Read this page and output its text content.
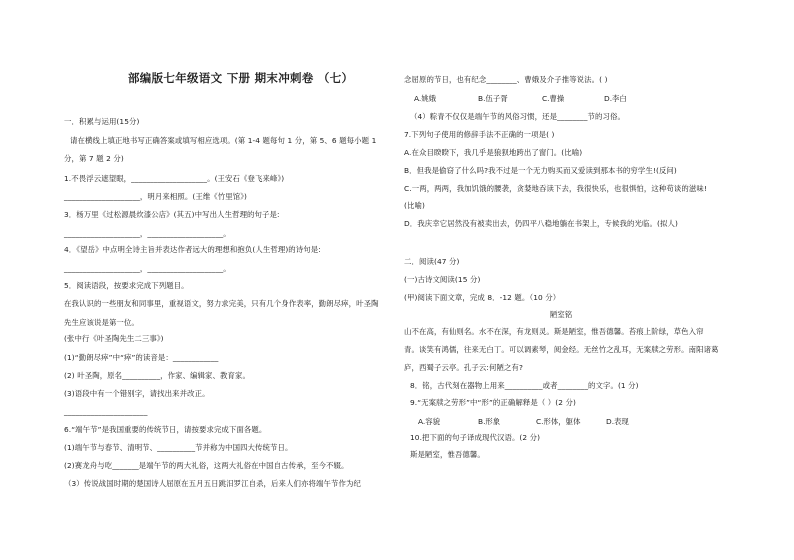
部编版七年级语文 下册 期末冲刺卷 （七）
一．积累与运用(15分)
请在横线上填正地书写正确答案或填写相应选项。(第 1-4 题每句 1 分，第 5、6 题每小题 1
分，第 7 题 2 分)
1.不畏浮云遮望眼，____________________。(王安石《登飞来峰》)
____________________，明月来相照。(王维《竹里馆》)
3．杨万里《过松源晨炊漆公店》(其五)中写出人生哲理的句子是:
____________________，____________________。
4．《望岳》中点明全诗主旨并表达作者远大的理想和抱负(人生哲理)的诗句是:
____________________，____________________。
5．阅读语段，按要求完成下列题目。
在我认识的一些朋友和同事里，重视语文，努力求完美，只有几个身作表率，勤朗尽瘁，叶圣陶
先生应该说是第一位。
(张中行《叶圣陶先生二三事》)
(1)“勤朗尽瘁”中“瘁”的读音是：____________
(2) 叶圣陶，原名__________，作家、编辑家、教育家。
(3)语段中有一个错别字，请找出来并改正。
______________________
6.“端午节”是我国重要的传统节日，请按要求完成下面各题。
(1)端午节与春节、清明节、__________节并称为中国四大传统节日。
(2)赛龙舟与吃_______是端午节的两大礼俗，这两大礼俗在中国自古传承，至今不辍。
（3）传说战国时期的楚国诗人屈原在五月五日跳汨罗江自杀，后来人们亦将端午节作为纪
念屈原的节日，也有纪念________、曹娥及介子推等说法。( )
A.姚娥	B.伍子胥	C.曹操	D.李白
（4）粽青不仅仅是端午节的风俗习惯，还是________节的习俗。
7.下列句子使用的修辞手法不正确的一项是( )
A.在众目睽睽下，我几乎是狼狈地跨出了窗门。(比喻)
B．但我是偷窃了什么吗?我不过是一个无力购买而又爱读到那本书的穷学生!(反问)
C.一两，两两，我加饥饿的腰袭，贪婪地吞读下去，我很快乐，也很惧怕，这种苟谈的滋味!
(比喻)
D．我庆幸它居然没有被卖出去，仍四平八稳地躺在书架上，专候我的光临。(拟人)
二．阅读(47 分)
(一)古诗文阅读(15 分)
(甲)阅读下面文章，完成 8．-12 题。（10 分）
陋室铭
山不在高，有仙则名。水不在深，有龙则灵。斯是陋室，惟吾德馨。苔痕上阶绿，草色入帘
青。谈笑有鸿儒，往来无白丁。可以调素琴，阅金经。无丝竹之乱耳，无案牍之劳形。南阳诸葛
庐，西蜀子云亭。孔子云:何陋之有?
8．铭，古代刻在器物上用来__________或者________的文字。(1 分)
9.“无案牍之劳形”中“形”的正确解释是（ ）(2 分)
A.容貌	B.形象	C.形体，躯体	D.表现
10.把下面的句子译成现代汉语。(2 分)
斯是陋室，惟吾德馨。
